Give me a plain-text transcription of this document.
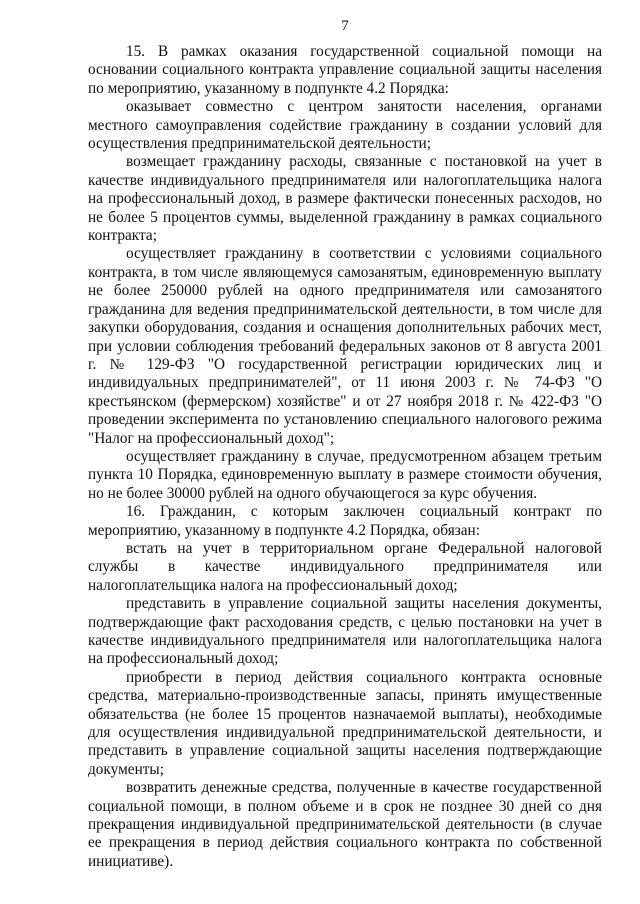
7

15. В рамках оказания государственной социальной помощи на основании социального контракта управление социальной защиты населения по мероприятию, указанному в подпункте 4.2 Порядка:

оказывает совместно с центром занятости населения, органами местного самоуправления содействие гражданину в создании условий для осуществления предпринимательской деятельности;

возмещает гражданину расходы, связанные с постановкой на учет в качестве индивидуального предпринимателя или налогоплательщика налога на профессиональный доход, в размере фактически понесенных расходов, но не более 5 процентов суммы, выделенной гражданину в рамках социального контракта;

осуществляет гражданину в соответствии с условиями социального контракта, в том числе являющемуся самозанятым, единовременную выплату не более 250000 рублей на одного предпринимателя или самозанятого гражданина для ведения предпринимательской деятельности, в том числе для закупки оборудования, создания и оснащения дополнительных рабочих мест, при условии соблюдения требований федеральных законов от 8 августа 2001 г. № 129-ФЗ "О государственной регистрации юридических лиц и индивидуальных предпринимателей", от 11 июня 2003 г. № 74-ФЗ "О крестьянском (фермерском) хозяйстве" и от 27 ноября 2018 г. № 422-ФЗ "О проведении эксперимента по установлению специального налогового режима "Налог на профессиональный доход";

осуществляет гражданину в случае, предусмотренном абзацем третьим пункта 10 Порядка, единовременную выплату в размере стоимости обучения, но не более 30000 рублей на одного обучающегося за курс обучения.

16. Гражданин, с которым заключен социальный контракт по мероприятию, указанному в подпункте 4.2 Порядка, обязан:

встать на учет в территориальном органе Федеральной налоговой службы в качестве индивидуального предпринимателя или налогоплательщика налога на профессиональный доход;

представить в управление социальной защиты населения документы, подтверждающие факт расходования средств, с целью постановки на учет в качестве индивидуального предпринимателя или налогоплательщика налога на профессиональный доход;

приобрести в период действия социального контракта основные средства, материально-производственные запасы, принять имущественные обязательства (не более 15 процентов назначаемой выплаты), необходимые для осуществления индивидуальной предпринимательской деятельности, и представить в управление социальной защиты населения подтверждающие документы;

возвратить денежные средства, полученные в качестве государственной социальной помощи, в полном объеме и в срок не позднее 30 дней со дня прекращения индивидуальной предпринимательской деятельности (в случае ее прекращения в период действия социального контракта по собственной инициативе).
